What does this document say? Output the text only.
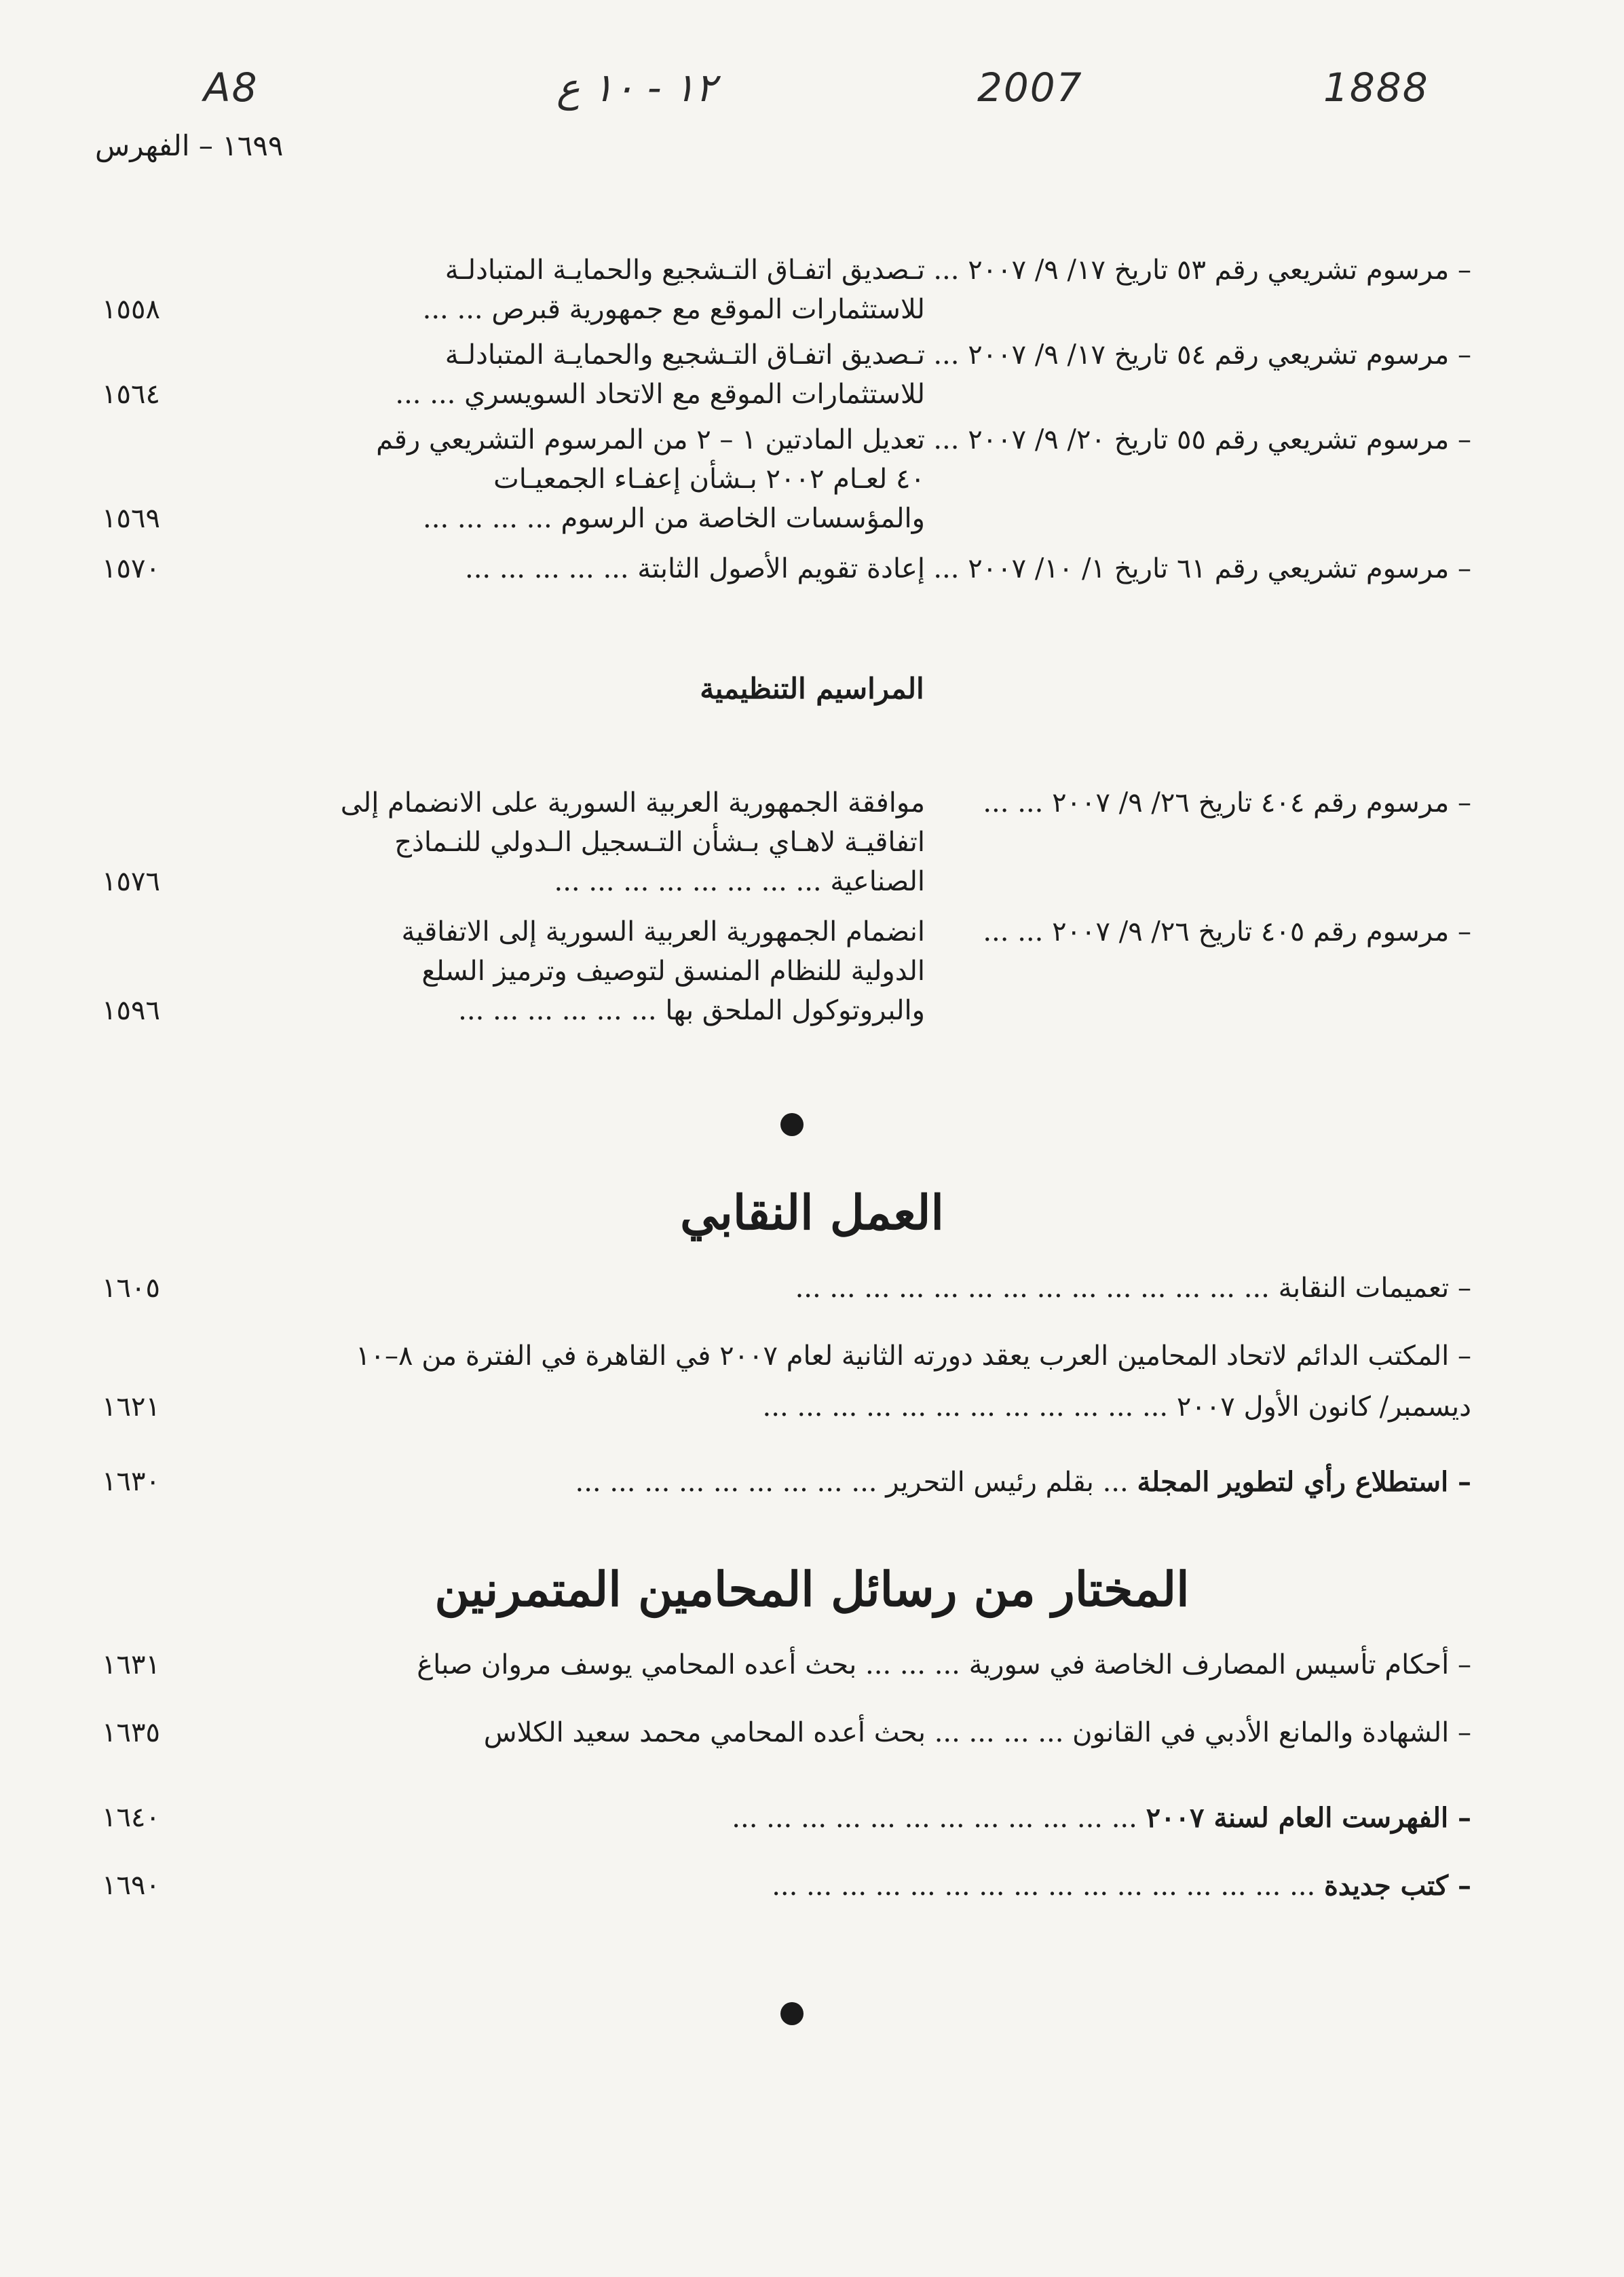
A8	١٢ - ١٠ ع	2007	1888
١٦٩٩ – الفهرس
– مرسوم تشريعي رقم ٥٣ تاريخ ١٧/ ٩/ ٢٠٠٧ ...
تـصديق اتفـاق التـشجيع والحمايـة المتبادلـة
للاستثمارات الموقع مع جمهورية قبرص ... ...
١٥٥٨
– مرسوم تشريعي رقم ٥٤ تاريخ ١٧/ ٩/ ٢٠٠٧ ...
تـصديق اتفـاق التـشجيع والحمايـة المتبادلـة
للاستثمارات الموقع مع الاتحاد السويسري ... ...
١٥٦٤
– مرسوم تشريعي رقم ٥٥ تاريخ ٢٠/ ٩/ ٢٠٠٧ ...
تعديل المادتين ١ – ٢ من المرسوم التشريعي رقم
٤٠ لعـام ٢٠٠٢ بـشأن إعفـاء الجمعيـات
والمؤسسات الخاصة من الرسوم ... ... ... ...
١٥٦٩
– مرسوم تشريعي رقم ٦١ تاريخ ١/ ١٠/ ٢٠٠٧ ...
إعادة تقويم الأصول الثابتة ... ... ... ... ...
١٥٧٠
المراسيم التنظيمية
– مرسوم رقم ٤٠٤ تاريخ ٢٦/ ٩/ ٢٠٠٧ ... ...
موافقة الجمهورية العربية السورية على الانضمام إلى
اتفاقيـة لاهـاي بـشأن التـسجيل الـدولي للنـماذج
الصناعية ... ... ... ... ... ... ... ...
١٥٧٦
– مرسوم رقم ٤٠٥ تاريخ ٢٦/ ٩/ ٢٠٠٧ ... ...
انضمام الجمهورية العربية السورية إلى الاتفاقية
الدولية للنظام المنسق لتوصيف وترميز السلع
والبروتوكول الملحق بها ... ... ... ... ... ...
١٥٩٦
العمل النقابي
– تعميمات النقابة ... ... ... ... ... ... ... ... ... ... ... ... ... ...
١٦٠٥
– المكتب الدائم لاتحاد المحامين العرب يعقد دورته الثانية لعام ٢٠٠٧ في القاهرة في الفترة من ٨–١٠
ديسمبر/ كانون الأول ٢٠٠٧ ... ... ... ... ... ... ... ... ... ... ... ...
١٦٢١
– استطلاع رأي لتطوير المجلة ... بقلم رئيس التحرير ... ... ... ... ... ... ... ... ...
١٦٣٠
المختار من رسائل المحامين المتمرنين
– أحكام تأسيس المصارف الخاصة في سورية ... ... ... بحث أعده المحامي يوسف مروان صباغ
١٦٣١
– الشهادة والمانع الأدبي في القانون ... ... ... ... بحث أعده المحامي محمد سعيد الكلاس
١٦٣٥
– الفهرست العام لسنة ٢٠٠٧ ... ... ... ... ... ... ... ... ... ... ... ...
١٦٤٠
– كتب جديدة ... ... ... ... ... ... ... ... ... ... ... ... ... ... ... ...
١٦٩٠
